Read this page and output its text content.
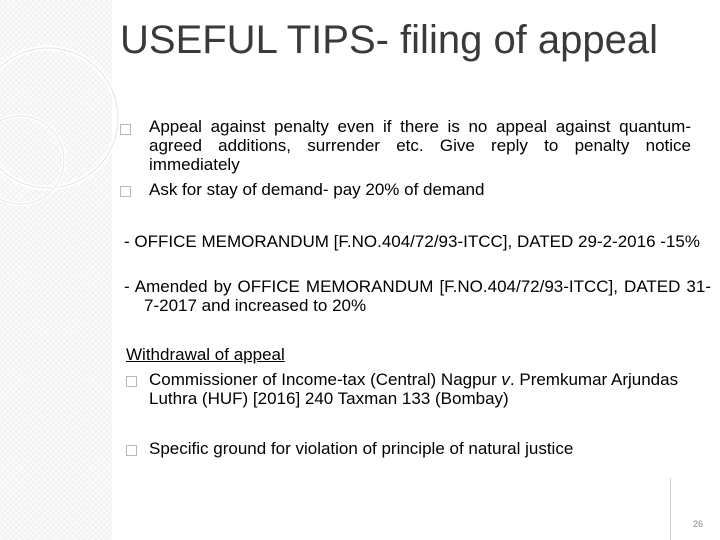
USEFUL TIPS- filing of appeal
Appeal against penalty even if there is no appeal against quantum- agreed additions, surrender etc. Give reply to penalty notice immediately
Ask for stay of demand- pay 20% of demand
- OFFICE MEMORANDUM [F.NO.404/72/93-ITCC], DATED 29-2-2016 -15%
- Amended by OFFICE MEMORANDUM [F.NO.404/72/93-ITCC], DATED 31-7-2017 and increased to 20%
Withdrawal of appeal
Commissioner of Income-tax (Central) Nagpur v. Premkumar Arjundas Luthra (HUF) [2016] 240 Taxman 133 (Bombay)
Specific ground for violation of principle of natural justice
26
